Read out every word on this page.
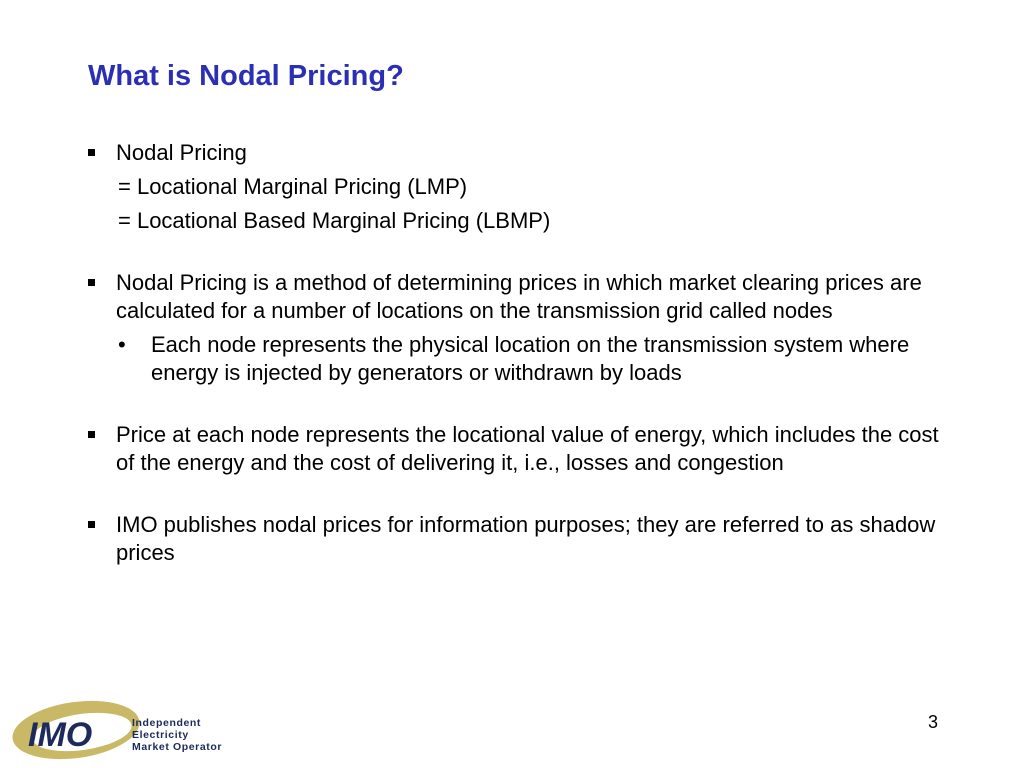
What is Nodal Pricing?
Nodal Pricing
= Locational Marginal Pricing (LMP)
= Locational Based Marginal Pricing (LBMP)
Nodal Pricing is a method of determining prices in which market clearing prices are calculated for a number of locations on the transmission grid called nodes
• Each node represents the physical location on the transmission system where energy is injected by generators or withdrawn by loads
Price at each node represents the locational value of energy, which includes the cost of the energy and the cost of delivering it, i.e., losses and congestion
IMO publishes nodal prices for information purposes; they are referred to as shadow prices
IMO	Independent
Electricity
Market Operator
3
